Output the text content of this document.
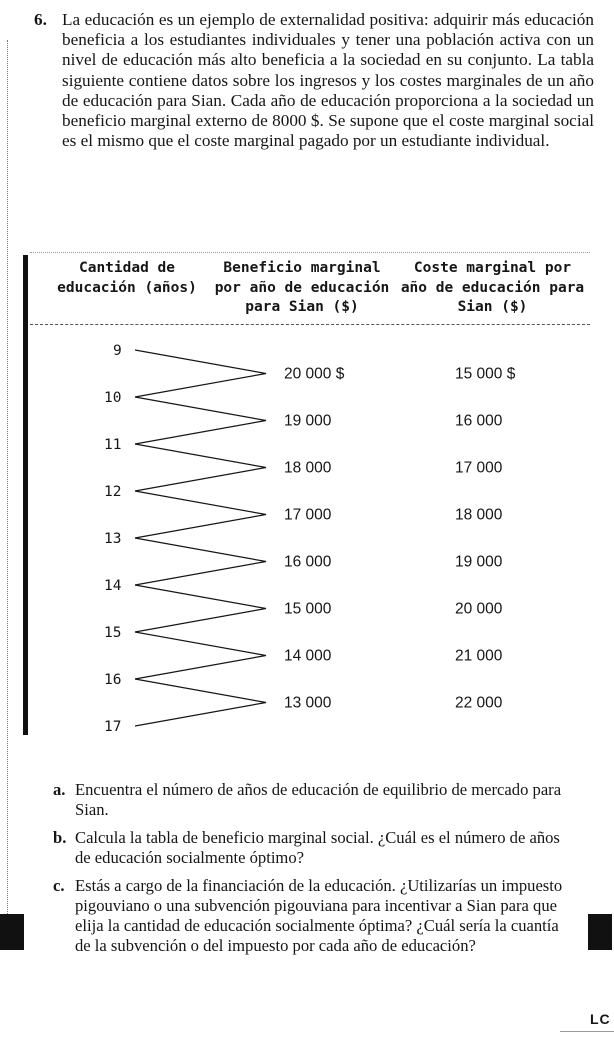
6. La educación es un ejemplo de externalidad positiva: adquirir más educación beneficia a los estudiantes individuales y tener una población activa con un nivel de educación más alto beneficia a la sociedad en su conjunto. La tabla siguiente contiene datos sobre los ingresos y los costes marginales de un año de educación para Sian. Cada año de educación proporciona a la sociedad un beneficio marginal externo de 8000 $. Se supone que el coste marginal social es el mismo que el coste marginal pagado por un estudiante individual.
Cantidad de educación (años)
Beneficio marginal por año de educación para Sian ($)
Coste marginal por año de educación para Sian ($)
9
10
11
12
13
14
15
16
17
20 000 $
19 000
18 000
17 000
16 000
15 000
14 000
13 000
15 000 $
16 000
17 000
18 000
19 000
20 000
21 000
22 000
a. Encuentra el número de años de educación de equilibrio de mercado para Sian.
b. Calcula la tabla de beneficio marginal social. ¿Cuál es el número de años de educación socialmente óptimo?
c. Estás a cargo de la financiación de la educación. ¿Utilizarías un impuesto pigouviano o una subvención pigouviana para incentivar a Sian para que elija la cantidad de educación socialmente óptima? ¿Cuál sería la cuantía de la subvención o del impuesto por cada año de educación?
LC
